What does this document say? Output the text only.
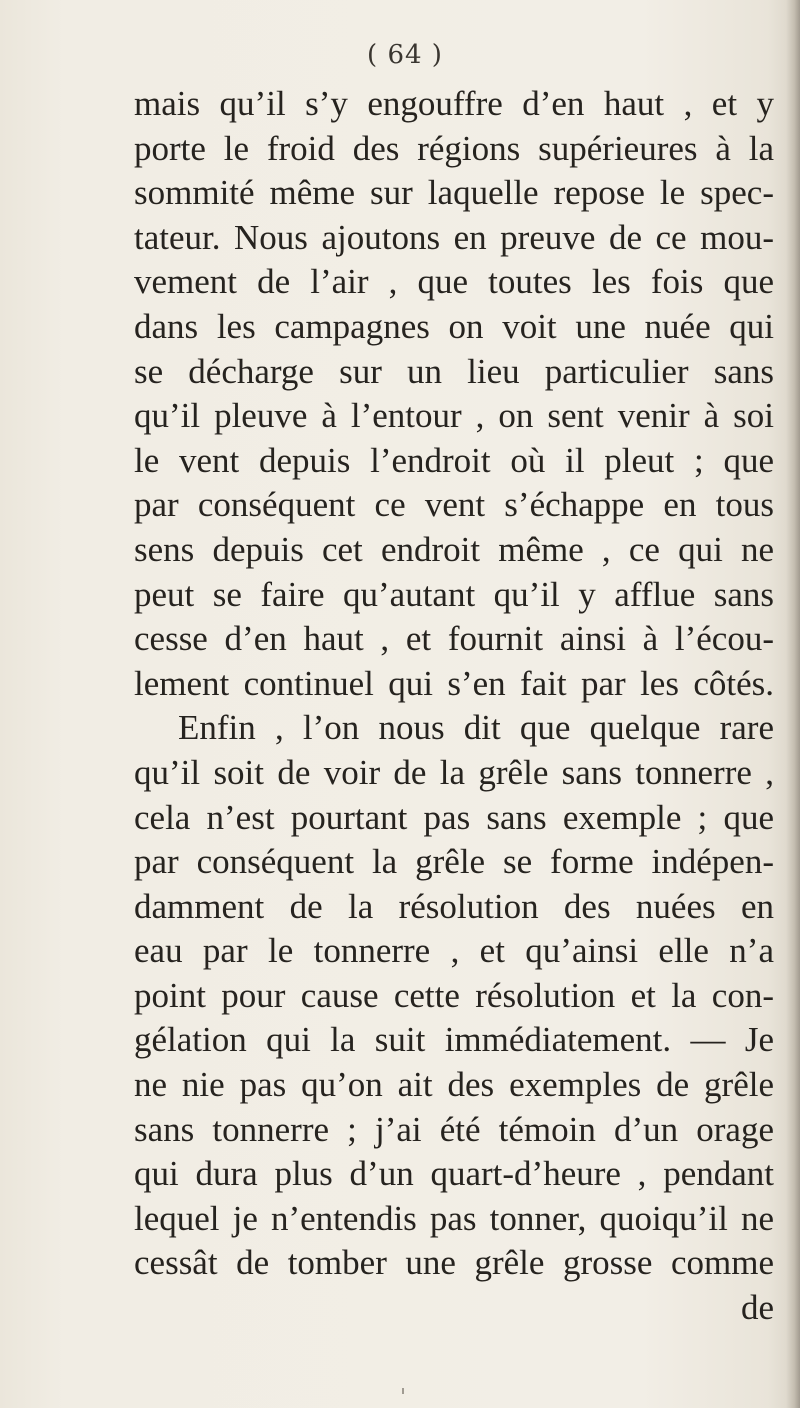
( 64 )
mais qu’il s’y engouffre d’en haut , et y
porte le froid des régions supérieures à la
sommité même sur laquelle repose le spec-
tateur. Nous ajoutons en preuve de ce mou-
vement de l’air , que toutes les fois que
dans les campagnes on voit une nuée qui
se décharge sur un lieu particulier sans
qu’il pleuve à l’entour , on sent venir à soi
le vent depuis l’endroit où il pleut ; que
par conséquent ce vent s’échappe en tous
sens depuis cet endroit même , ce qui ne
peut se faire qu’autant qu’il y afflue sans
cesse d’en haut , et fournit ainsi à l’écou-
lement continuel qui s’en fait par les côtés.
Enfin , l’on nous dit que quelque rare
qu’il soit de voir de la grêle sans tonnerre ,
cela n’est pourtant pas sans exemple ; que
par conséquent la grêle se forme indépen-
damment de la résolution des nuées en
eau par le tonnerre , et qu’ainsi elle n’a
point pour cause cette résolution et la con-
gélation qui la suit immédiatement. — Je
ne nie pas qu’on ait des exemples de grêle
sans tonnerre ; j’ai été témoin d’un orage
qui dura plus d’un quart-d’heure , pendant
lequel je n’entendis pas tonner, quoiqu’il ne
cessât de tomber une grêle grosse comme
de
